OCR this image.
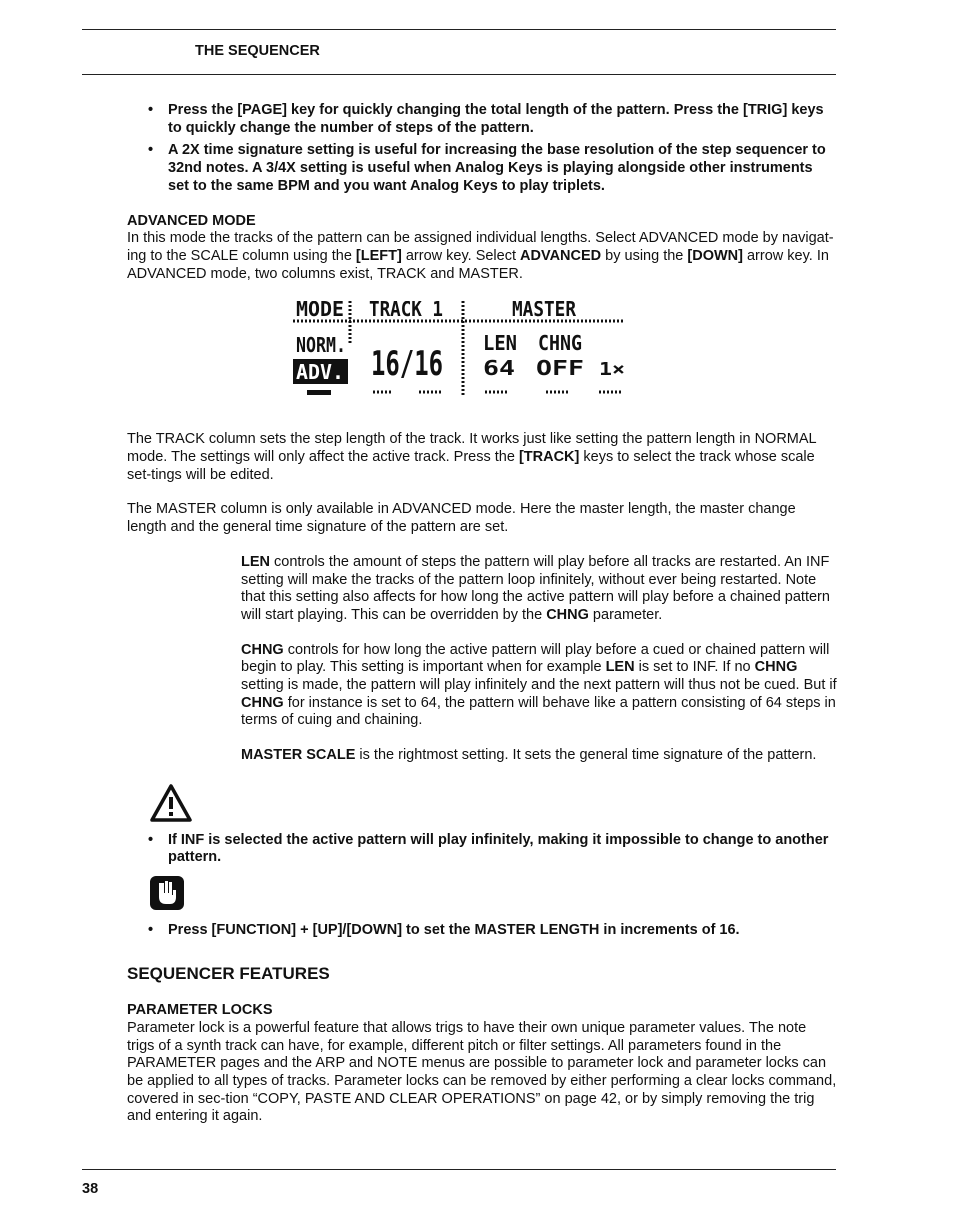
THE SEQUENCER
• Press the [PAGE] key for quickly changing the total length of the pattern. Press the [TRIG] keys to quickly change the number of steps of the pattern.
• A 2X time signature setting is useful for increasing the base resolution of the step sequencer to 32nd notes. A 3/4X setting is useful when Analog Keys is playing alongside other instruments set to the same BPM and you want Analog Keys to play triplets.
ADVANCED MODE

In this mode the tracks of the pattern can be assigned individual lengths. Select ADVANCED mode by navigat-ing to the SCALE column using the [LEFT] arrow key. Select ADVANCED by using the [DOWN] arrow key. In ADVANCED mode, two columns exist, TRACK and MASTER.

MODE TRACK 1	MASTER
NORM.
ADV. 16/16
LEN CHNG
64 OFF 1×

The TRACK column sets the step length of the track. It works just like setting the pattern length in NORMAL mode. The settings will only affect the active track. Press the [TRACK] keys to select the track whose scale set-tings will be edited.

The MASTER column is only available in ADVANCED mode. Here the master length, the master change length and the general time signature of the pattern are set.

LEN controls the amount of steps the pattern will play before all tracks are restarted. An INF setting will make the tracks of the pattern loop infinitely, without ever being restarted. Note that this setting also affects for how long the active pattern will play before a chained pattern will start playing. This can be overridden by the CHNG parameter.

CHNG controls for how long the active pattern will play before a cued or chained pattern will begin to play. This setting is important when for example LEN is set to INF. If no CHNG setting is made, the pattern will play infinitely and the next pattern will thus not be cued. But if CHNG for instance is set to 64, the pattern will behave like a pattern consisting of 64 steps in terms of cuing and chaining.

MASTER SCALE is the rightmost setting. It sets the general time signature of the pattern.

• If INF is selected the active pattern will play infinitely, making it impossible to change to another pattern.
• Press [FUNCTION] + [UP]/[DOWN] to set the MASTER LENGTH in increments of 16.
SEQUENCER FEATURES
PARAMETER LOCKS

Parameter lock is a powerful feature that allows trigs to have their own unique parameter values. The note trigs of a synth track can have, for example, different pitch or filter settings. All parameters found in the PARAMETER pages and the ARP and NOTE menus are possible to parameter lock and parameter locks can be applied to all types of tracks. Parameter locks can be removed by either performing a clear locks command, covered in sec-tion “COPY, PASTE AND CLEAR OPERATIONS” on page 42, or by simply removing the trig and entering it again.

38
